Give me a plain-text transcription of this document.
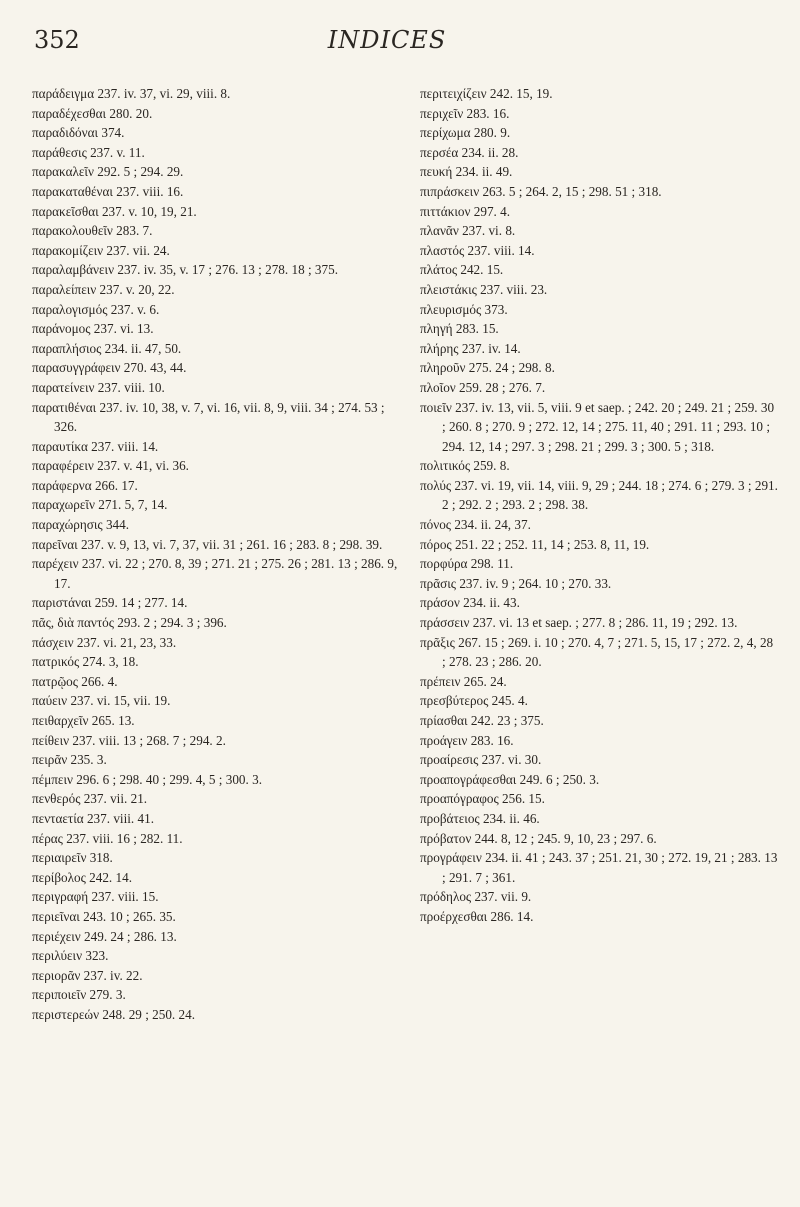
352	INDICES
παράδειγμα 237. iv. 37, vi. 29, viii. 8.
παραδέχεσθαι 280. 20.
παραδιδόναι 374.
παράθεσις 237. v. 11.
παρακαλεῖν 292. 5 ; 294. 29.
παρακαταθέναι 237. viii. 16.
παρακεῖσθαι 237. v. 10, 19, 21.
παρακολουθεῖν 283. 7.
παρακομίζειν 237. vii. 24.
παραλαμβάνειν 237. iv. 35, v. 17 ; 276. 13 ; 278. 18 ; 375.
παραλείπειν 237. v. 20, 22.
παραλογισμός 237. v. 6.
παράνομος 237. vi. 13.
παραπλήσιος 234. ii. 47, 50.
παρασυγγράφειν 270. 43, 44.
παρατείνειν 237. viii. 10.
παρατιθέναι 237. iv. 10, 38, v. 7, vi. 16, vii. 8, 9, viii. 34 ; 274. 53 ; 326.
παραυτίκα 237. viii. 14.
παραφέρειν 237. v. 41, vi. 36.
παράφερνα 266. 17.
παραχωρεῖν 271. 5, 7, 14.
παραχώρησις 344.
παρεῖναι 237. v. 9, 13, vi. 7, 37, vii. 31 ; 261. 16 ; 283. 8 ; 298. 39.
παρέχειν 237. vi. 22 ; 270. 8, 39 ; 271. 21 ; 275. 26 ; 281. 13 ; 286. 9, 17.
παριστάναι 259. 14 ; 277. 14.
πᾶς, διὰ παντός 293. 2 ; 294. 3 ; 396.
πάσχειν 237. vi. 21, 23, 33.
πατρικός 274. 3, 18.
πατρῷος 266. 4.
παύειν 237. vi. 15, vii. 19.
πειθαρχεῖν 265. 13.
πείθειν 237. viii. 13 ; 268. 7 ; 294. 2.
πειρᾶν 235. 3.
πέμπειν 296. 6 ; 298. 40 ; 299. 4, 5 ; 300. 3.
πενθερός 237. vii. 21.
πενταετία 237. viii. 41.
πέρας 237. viii. 16 ; 282. 11.
περιαιρεῖν 318.
περίβολος 242. 14.
περιγραφή 237. viii. 15.
περιεῖναι 243. 10 ; 265. 35.
περιέχειν 249. 24 ; 286. 13.
περιλύειν 323.
περιορᾶν 237. iv. 22.
περιποιεῖν 279. 3.
περιστερεών 248. 29 ; 250. 24.
περιτειχίζειν 242. 15, 19.
περιχεῖν 283. 16.
περίχωμα 280. 9.
περσέα 234. ii. 28.
πευκή 234. ii. 49.
πιπράσκειν 263. 5 ; 264. 2, 15 ; 298. 51 ; 318.
πιττάκιον 297. 4.
πλανᾶν 237. vi. 8.
πλαστός 237. viii. 14.
πλάτος 242. 15.
πλειστάκις 237. viii. 23.
πλευρισμός 373.
πληγή 283. 15.
πλήρης 237. iv. 14.
πληροῦν 275. 24 ; 298. 8.
πλοῖον 259. 28 ; 276. 7.
ποιεῖν 237. iv. 13, vii. 5, viii. 9 et saep. ; 242. 20 ; 249. 21 ; 259. 30 ; 260. 8 ; 270. 9 ; 272. 12, 14 ; 275. 11, 40 ; 291. 11 ; 293. 10 ; 294. 12, 14 ; 297. 3 ; 298. 21 ; 299. 3 ; 300. 5 ; 318.
πολιτικός 259. 8.
πολύς 237. vi. 19, vii. 14, viii. 9, 29 ; 244. 18 ; 274. 6 ; 279. 3 ; 291. 2 ; 292. 2 ; 293. 2 ; 298. 38.
πόνος 234. ii. 24, 37.
πόρος 251. 22 ; 252. 11, 14 ; 253. 8, 11, 19.
πορφύρα 298. 11.
πρᾶσις 237. iv. 9 ; 264. 10 ; 270. 33.
πράσον 234. ii. 43.
πράσσειν 237. vi. 13 et saep. ; 277. 8 ; 286. 11, 19 ; 292. 13.
πρᾶξις 267. 15 ; 269. i. 10 ; 270. 4, 7 ; 271. 5, 15, 17 ; 272. 2, 4, 28 ; 278. 23 ; 286. 20.
πρέπειν 265. 24.
πρεσβύτερος 245. 4.
πρίασθαι 242. 23 ; 375.
προάγειν 283. 16.
προαίρεσις 237. vi. 30.
προαπογράφεσθαι 249. 6 ; 250. 3.
προαπόγραφος 256. 15.
προβάτειος 234. ii. 46.
πρόβατον 244. 8, 12 ; 245. 9, 10, 23 ; 297. 6.
προγράφειν 234. ii. 41 ; 243. 37 ; 251. 21, 30 ; 272. 19, 21 ; 283. 13 ; 291. 7 ; 361.
πρόδηλος 237. vii. 9.
προέρχεσθαι 286. 14.
